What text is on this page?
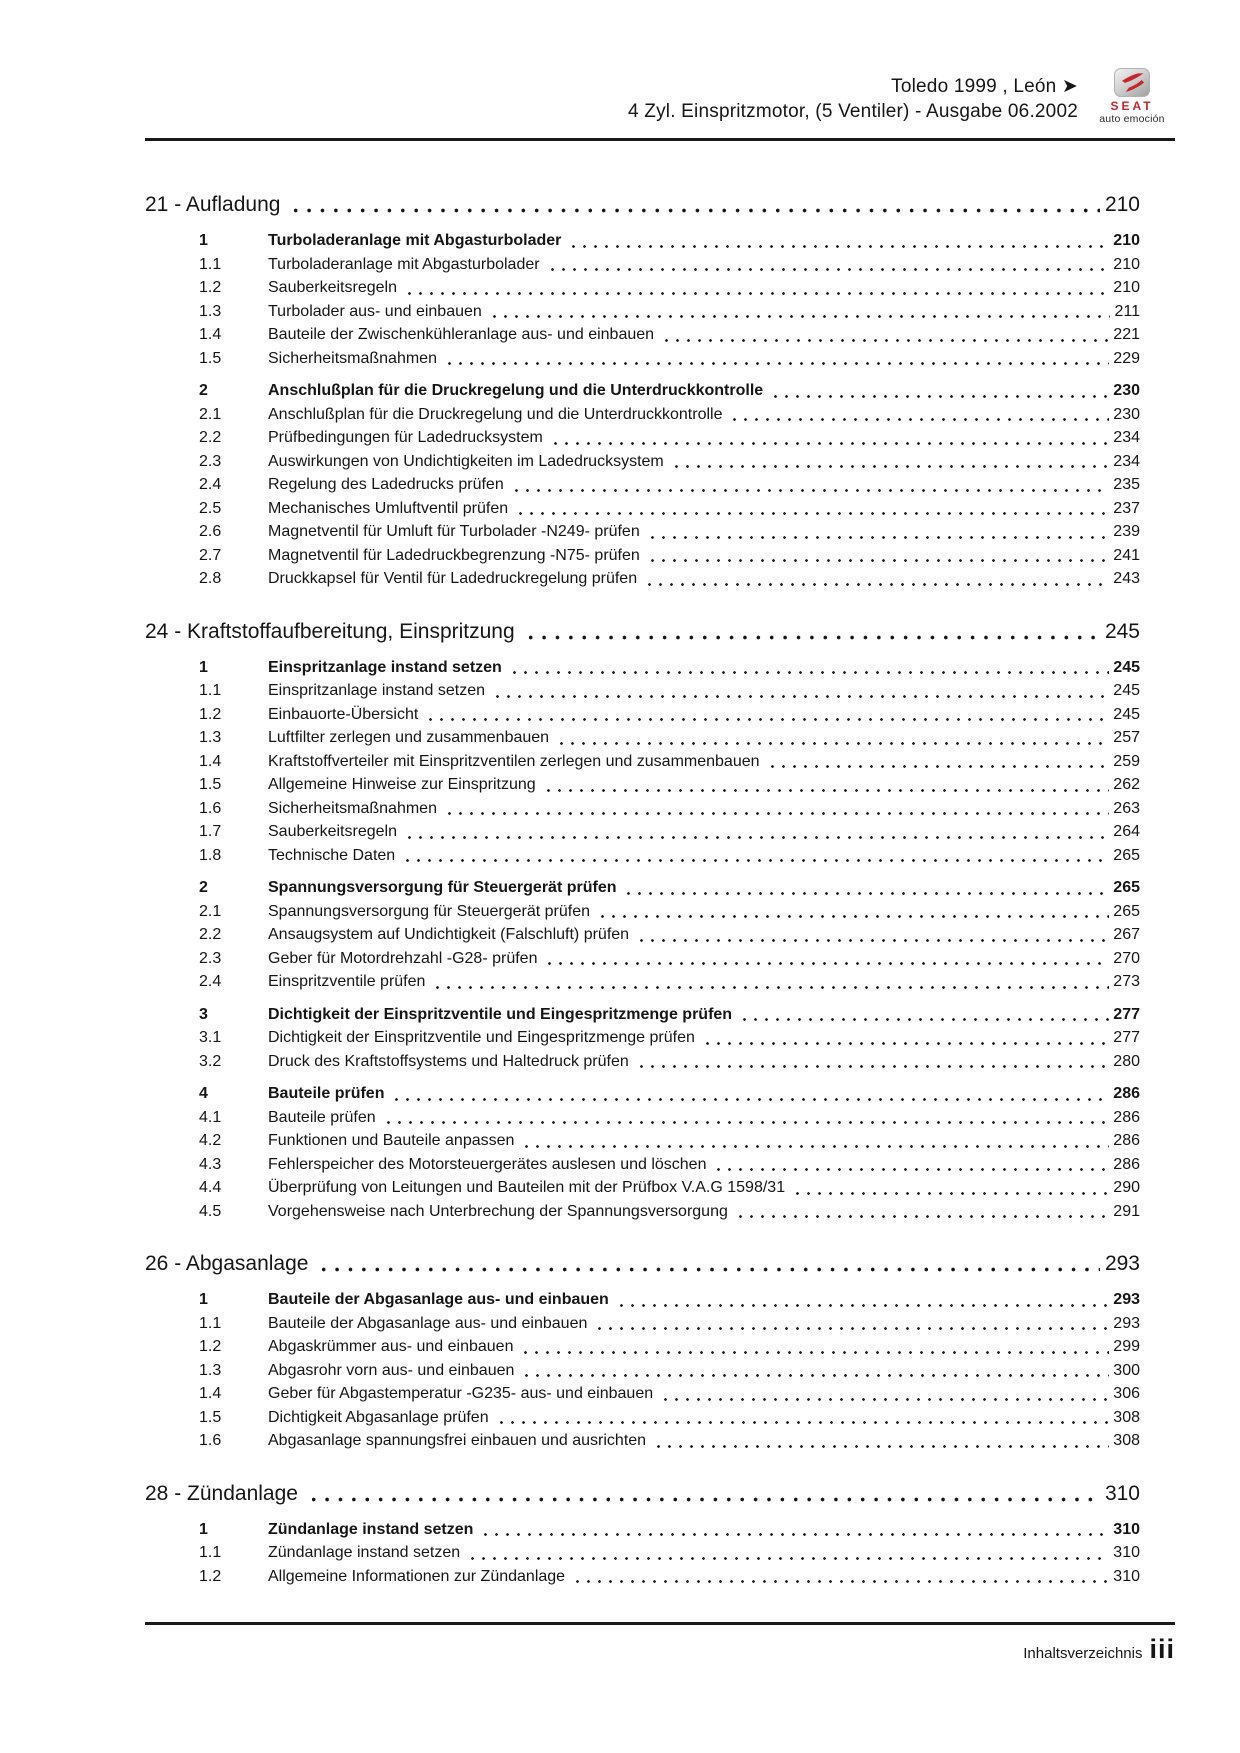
Toledo 1999 , León ➤
4 Zyl. Einspritzmotor, (5 Ventiler) - Ausgabe 06.2002	SEAT
auto emoción
21 - Aufladung	210
1	Turboladeranlage mit Abgasturbolader	210
1.1	Turboladeranlage mit Abgasturbolader	210
1.2	Sauberkeitsregeln	210
1.3	Turbolader aus- und einbauen	211
1.4	Bauteile der Zwischenkühleranlage aus- und einbauen	221
1.5	Sicherheitsmaßnahmen	229
2	Anschlußplan für die Druckregelung und die Unterdruckkontrolle	230
2.1	Anschlußplan für die Druckregelung und die Unterdruckkontrolle	230
2.2	Prüfbedingungen für Ladedrucksystem	234
2.3	Auswirkungen von Undichtigkeiten im Ladedrucksystem	234
2.4	Regelung des Ladedrucks prüfen	235
2.5	Mechanisches Umluftventil prüfen	237
2.6	Magnetventil für Umluft für Turbolader -N249- prüfen	239
2.7	Magnetventil für Ladedruckbegrenzung -N75- prüfen	241
2.8	Druckkapsel für Ventil für Ladedruckregelung prüfen	243
24 - Kraftstoffaufbereitung, Einspritzung	245
1	Einspritzanlage instand setzen	245
1.1	Einspritzanlage instand setzen	245
1.2	Einbauorte-Übersicht	245
1.3	Luftfilter zerlegen und zusammenbauen	257
1.4	Kraftstoffverteiler mit Einspritzventilen zerlegen und zusammenbauen	259
1.5	Allgemeine Hinweise zur Einspritzung	262
1.6	Sicherheitsmaßnahmen	263
1.7	Sauberkeitsregeln	264
1.8	Technische Daten	265
2	Spannungsversorgung für Steuergerät prüfen	265
2.1	Spannungsversorgung für Steuergerät prüfen	265
2.2	Ansaugsystem auf Undichtigkeit (Falschluft) prüfen	267
2.3	Geber für Motordrehzahl -G28- prüfen	270
2.4	Einspritzventile prüfen	273
3	Dichtigkeit der Einspritzventile und Eingespritzmenge prüfen	277
3.1	Dichtigkeit der Einspritzventile und Eingespritzmenge prüfen	277
3.2	Druck des Kraftstoffsystems und Haltedruck prüfen	280
4	Bauteile prüfen	286
4.1	Bauteile prüfen	286
4.2	Funktionen und Bauteile anpassen	286
4.3	Fehlerspeicher des Motorsteuergerätes auslesen und löschen	286
4.4	Überprüfung von Leitungen und Bauteilen mit der Prüfbox V.A.G 1598/31	290
4.5	Vorgehensweise nach Unterbrechung der Spannungsversorgung	291
26 - Abgasanlage	293
1	Bauteile der Abgasanlage aus- und einbauen	293
1.1	Bauteile der Abgasanlage aus- und einbauen	293
1.2	Abgaskrümmer aus- und einbauen	299
1.3	Abgasrohr vorn aus- und einbauen	300
1.4	Geber für Abgastemperatur -G235- aus- und einbauen	306
1.5	Dichtigkeit Abgasanlage prüfen	308
1.6	Abgasanlage spannungsfrei einbauen und ausrichten	308
28 - Zündanlage	310
1	Zündanlage instand setzen	310
1.1	Zündanlage instand setzen	310
1.2	Allgemeine Informationen zur Zündanlage	310
Inhaltsverzeichnis iii
